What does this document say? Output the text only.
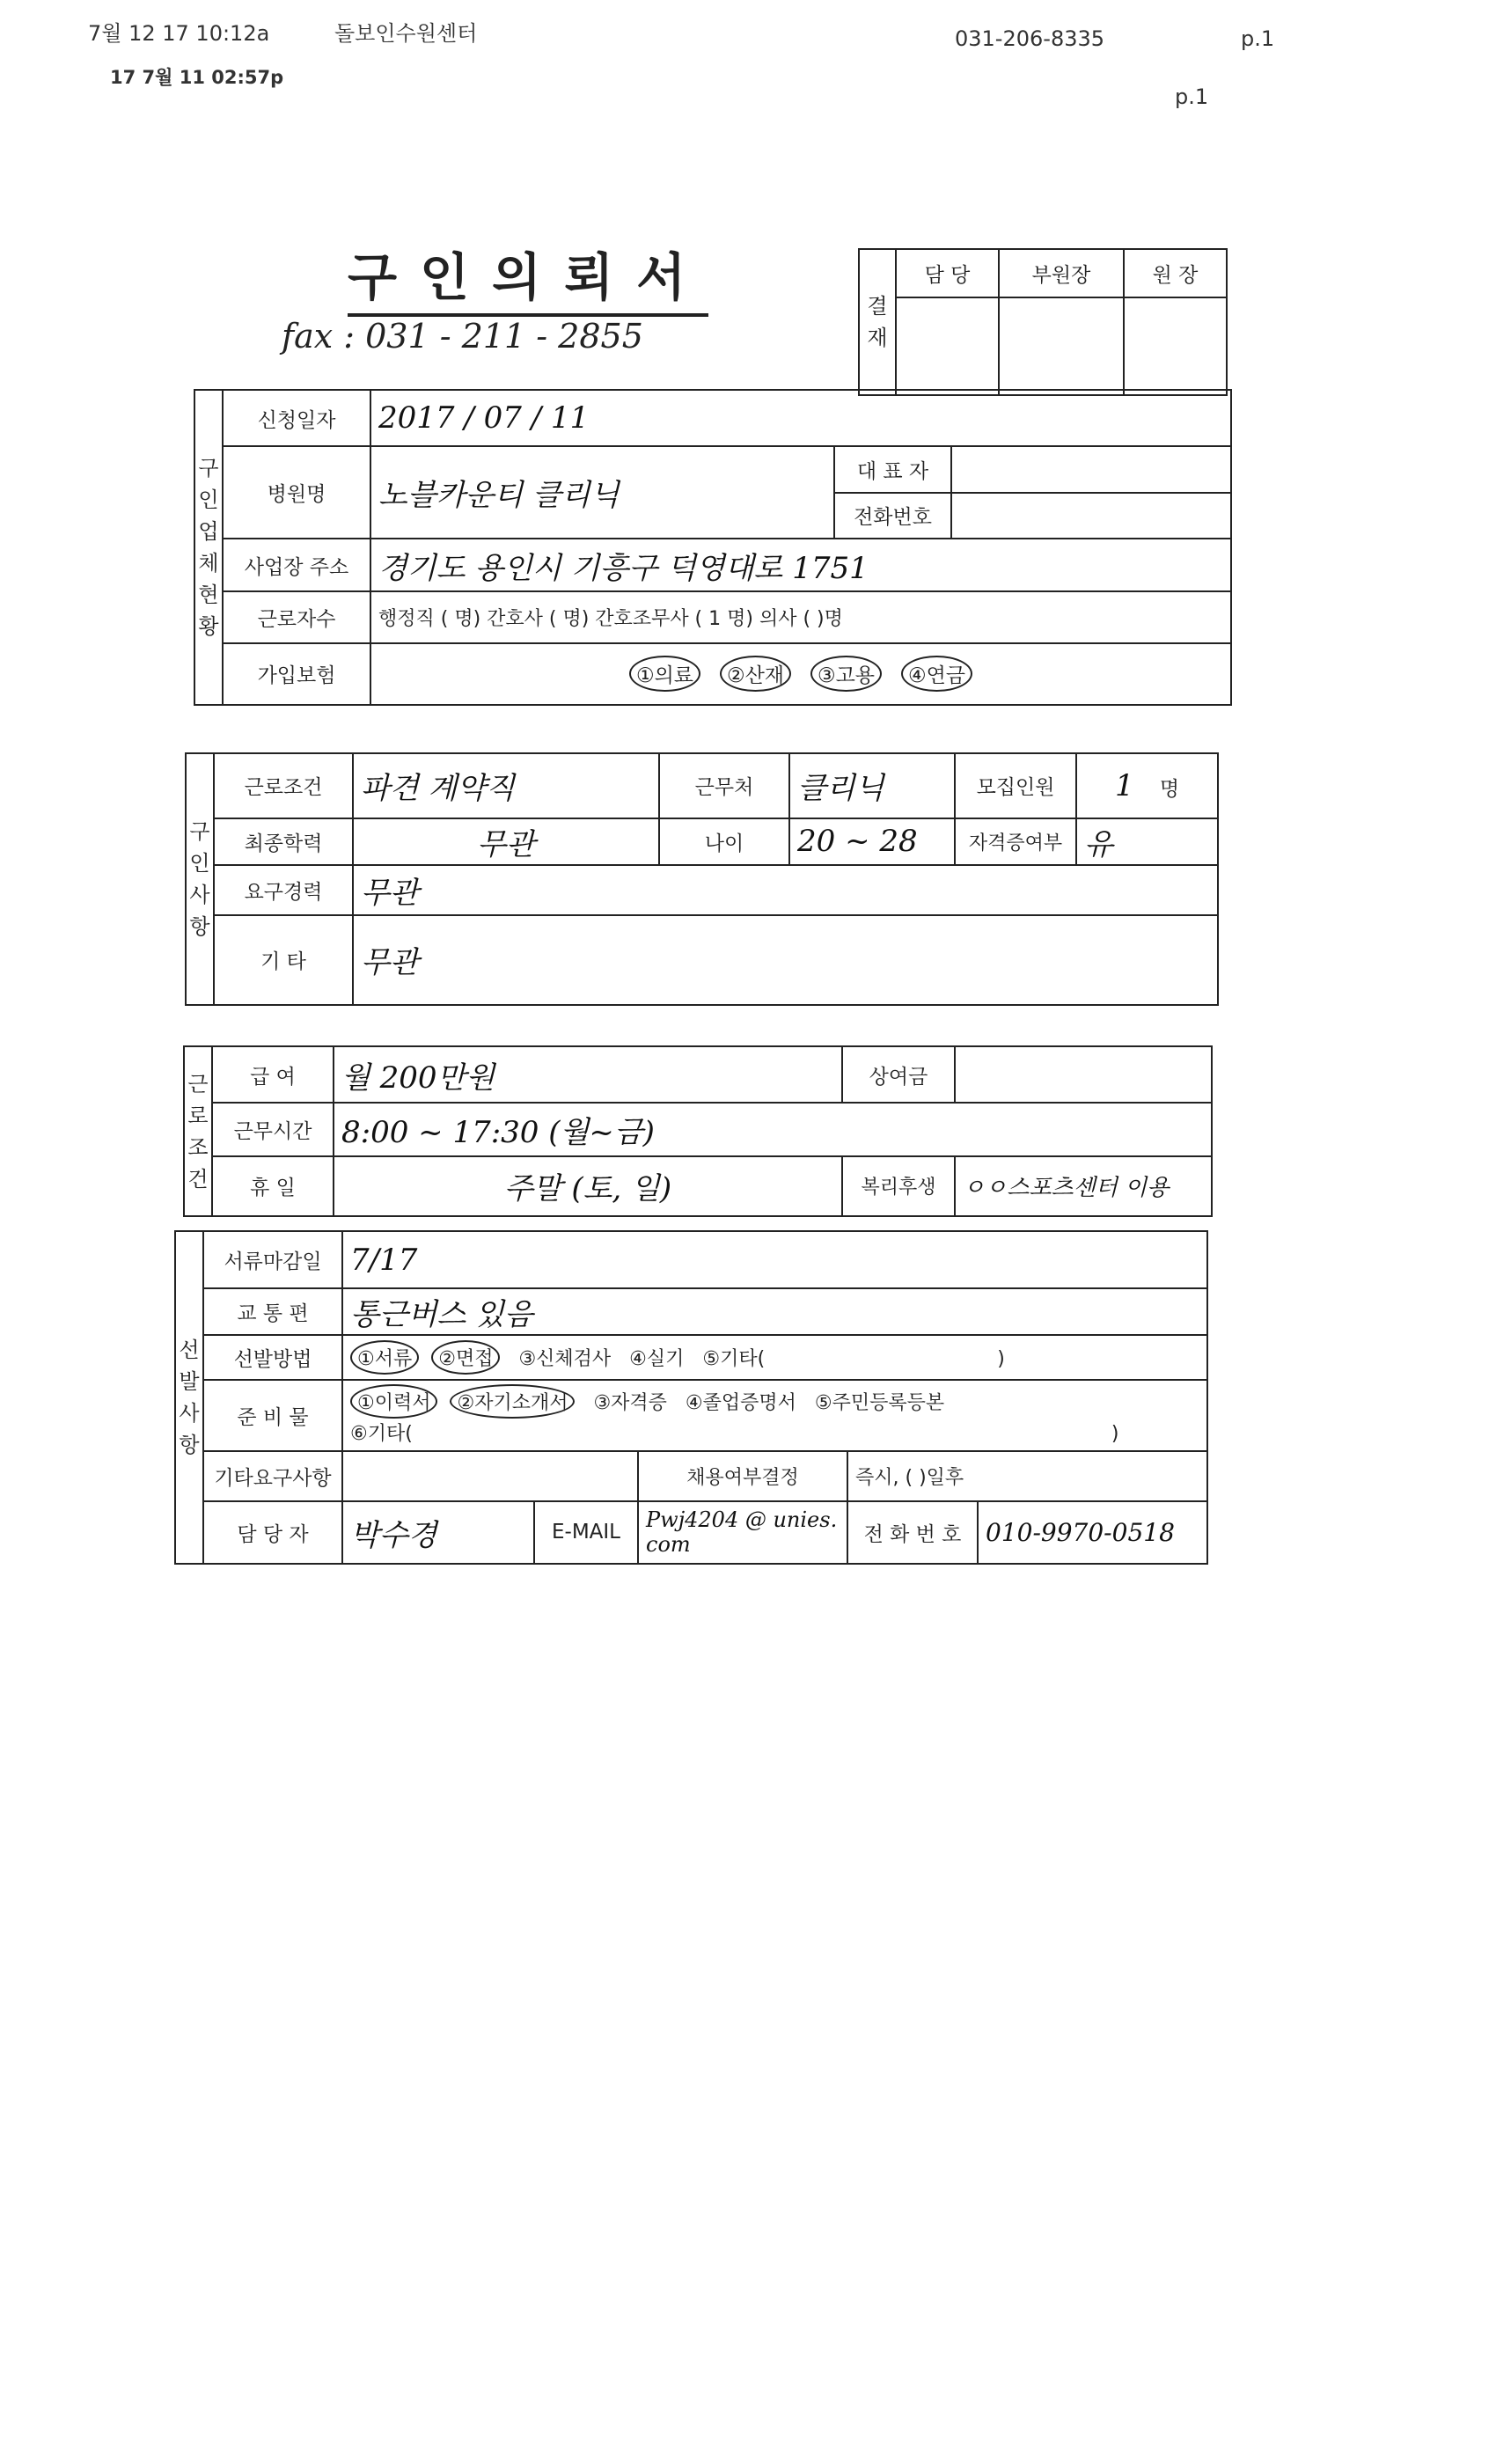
7월 12 17 10:12a	돌보인수원센터	031-206-8335	p.1
17 7월 11 02:57p
p.1
구인의뢰서
fax : 031 - 211 - 2855
결재	담 당	부원장	원 장

구인업체현황	신청일자	2017 / 07 / 11		
	병원명	노블카운티 클리닉	대 표 자	
			전화번호	
	사업장 주소	경기도 용인시 기흥구 덕영대로 1751		
	근로자수	행정직 ( 명) 간호사 ( 명) 간호조무사 ( 1 명) 의사 ( )명		
	가입보험	①의료 ②산재 ③고용 ④연금		
구인사항	근로조건	파견 계약직	근무처	클리닉	모집인원	1 명
	최종학력	무관	나이	20 ~ 28	자격증여부	유
	요구경력	무관				
	기 타	무관				
근로조건	급 여	월 200만원	상여금	
	근무시간	8:00 ~ 17:30 (월~금)		
	휴 일	주말 (토, 일)	복리후생	ㅇㅇ스포츠센터 이용
선발사항	서류마감일	7/17				
	교 통 편	통근버스 있음				
	선발방법	①서류 ②면접 ③신체검사 ④실기 ⑤기타( )				
	준 비 물	①이력서 ②자기소개서 ③자격증 ④졸업증명서 ⑤주민등록등본
⑥기타( )				
	기타요구사항			채용여부결정	즉시, ( )일후	
	담 당 자	박수경	E-MAIL	Pwj4204 @ unies. com	전 화 번 호	010-9970-0518
